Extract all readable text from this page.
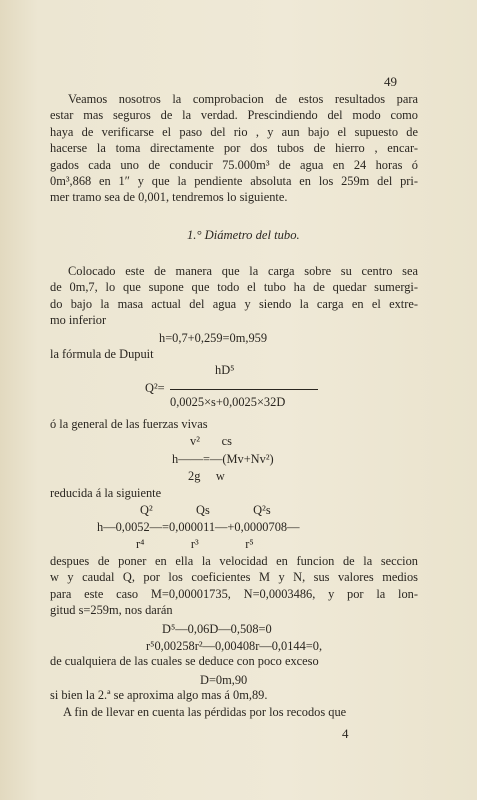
49
Veamos nosotros la comprobacion de estos resultados para
estar mas seguros de la verdad. Prescindiendo del modo como
haya de verificarse el paso del rio , y aun bajo el supuesto de
hacerse la toma directamente por dos tubos de hierro , encar-
gados cada uno de conducir 75.000m³ de agua en 24 horas ó
0m³,868 en 1″ y que la pendiente absoluta en los 259m del pri-
mer tramo sea de 0,001, tendremos lo siguiente.
1.° Diámetro del tubo.
Colocado este de manera que la carga sobre su centro sea
de 0m,7, lo que supone que todo el tubo ha de quedar sumergi-
do bajo la masa actual del agua y siendo la carga en el extre-
mo inferior
h=0,7+0,259=0m,959
la fórmula de Dupuit
hD⁵
Q²=
0,0025×s+0,0025×32D
ó la general de las fuerzas vivas
v²       cs
h——=—(Mv+Nv²)
2g     w
reducida á la siguiente
Q²              Qs              Q²s
h—0,0052—=0,000011—+0,0000708—
r⁴               r³               r⁵
despues de poner en ella la velocidad en funcion de la seccion
w y caudal Q, por los coeficientes M y N, sus valores medios
para este caso M=0,00001735, N=0,0003486, y por la lon-
gitud s=259m, nos darán
D⁵—0,06D—0,508=0
r⁵0,00258r²—0,00408r—0,0144=0,
de cualquiera de las cuales se deduce con poco exceso
D=0m,90
si bien la 2.ª se aproxima algo mas á 0m,89.
A fin de llevar en cuenta las pérdidas por los recodos que
4
